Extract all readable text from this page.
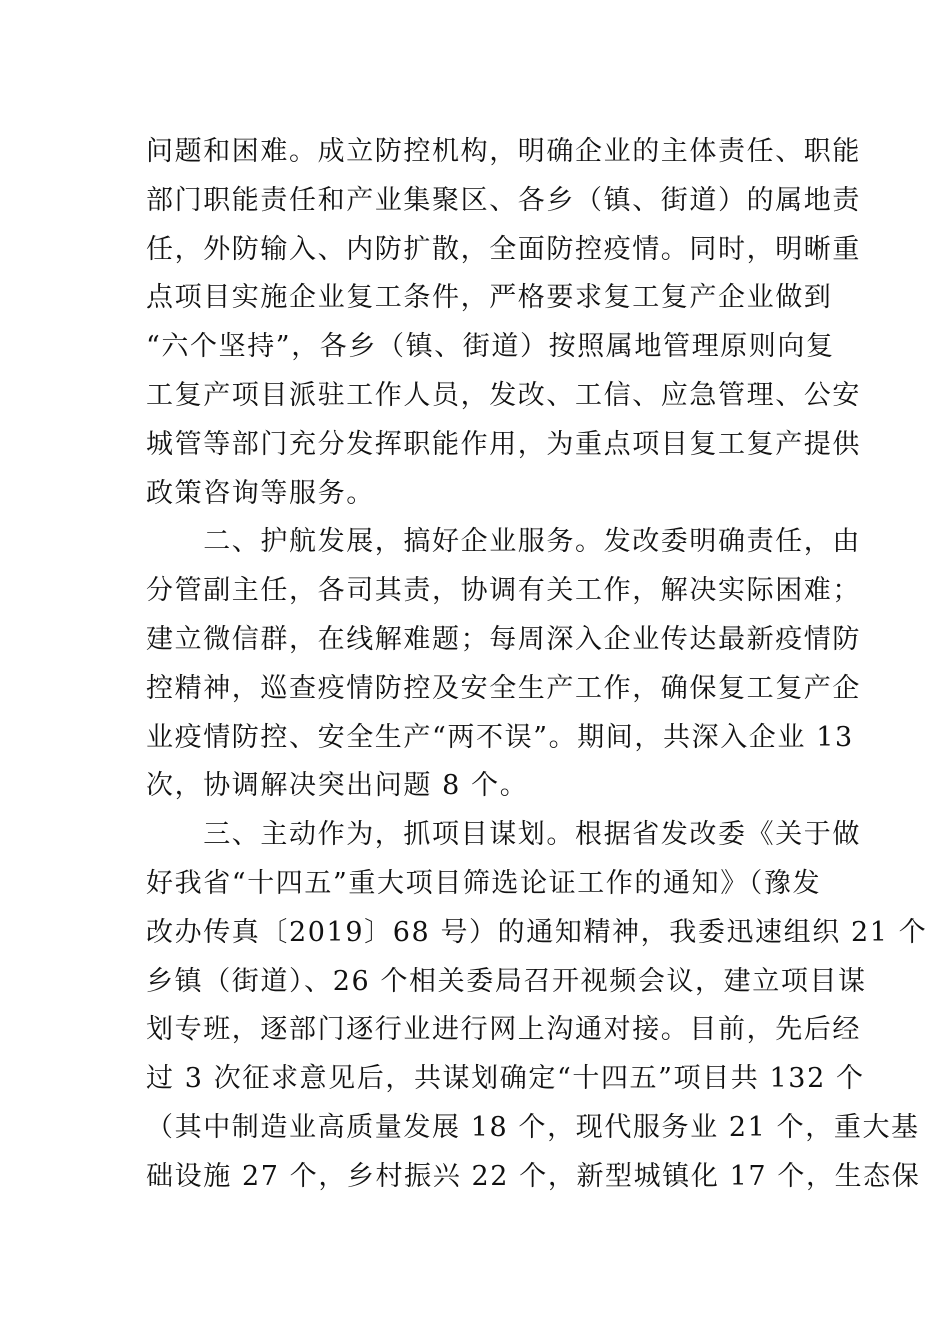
问题和困难。成立防控机构，明确企业的主体责任、职能
部门职能责任和产业集聚区、各乡（镇、街道）的属地责
任，外防输入、内防扩散，全面防控疫情。同时，明晰重
点项目实施企业复工条件，严格要求复工复产企业做到
“六个坚持”，各乡（镇、街道）按照属地管理原则向复
工复产项目派驻工作人员，发改、工信、应急管理、公安
城管等部门充分发挥职能作用，为重点项目复工复产提供
政策咨询等服务。
　　二、护航发展，搞好企业服务。发改委明确责任，由
分管副主任，各司其责，协调有关工作，解决实际困难；
建立微信群，在线解难题；每周深入企业传达最新疫情防
控精神，巡查疫情防控及安全生产工作，确保复工复产企
业疫情防控、安全生产“两不误”。期间，共深入企业 13
次，协调解决突出问题 8 个。
　　三、主动作为，抓项目谋划。根据省发改委《关于做
好我省“十四五”重大项目筛选论证工作的通知》（豫发
改办传真〔2019〕68 号）的通知精神，我委迅速组织 21 个
乡镇（街道）、26 个相关委局召开视频会议，建立项目谋
划专班，逐部门逐行业进行网上沟通对接。目前，先后经
过 3 次征求意见后，共谋划确定“十四五”项目共 132 个
（其中制造业高质量发展 18 个，现代服务业 21 个，重大基
础设施 27 个，乡村振兴 22 个，新型城镇化 17 个，生态保
